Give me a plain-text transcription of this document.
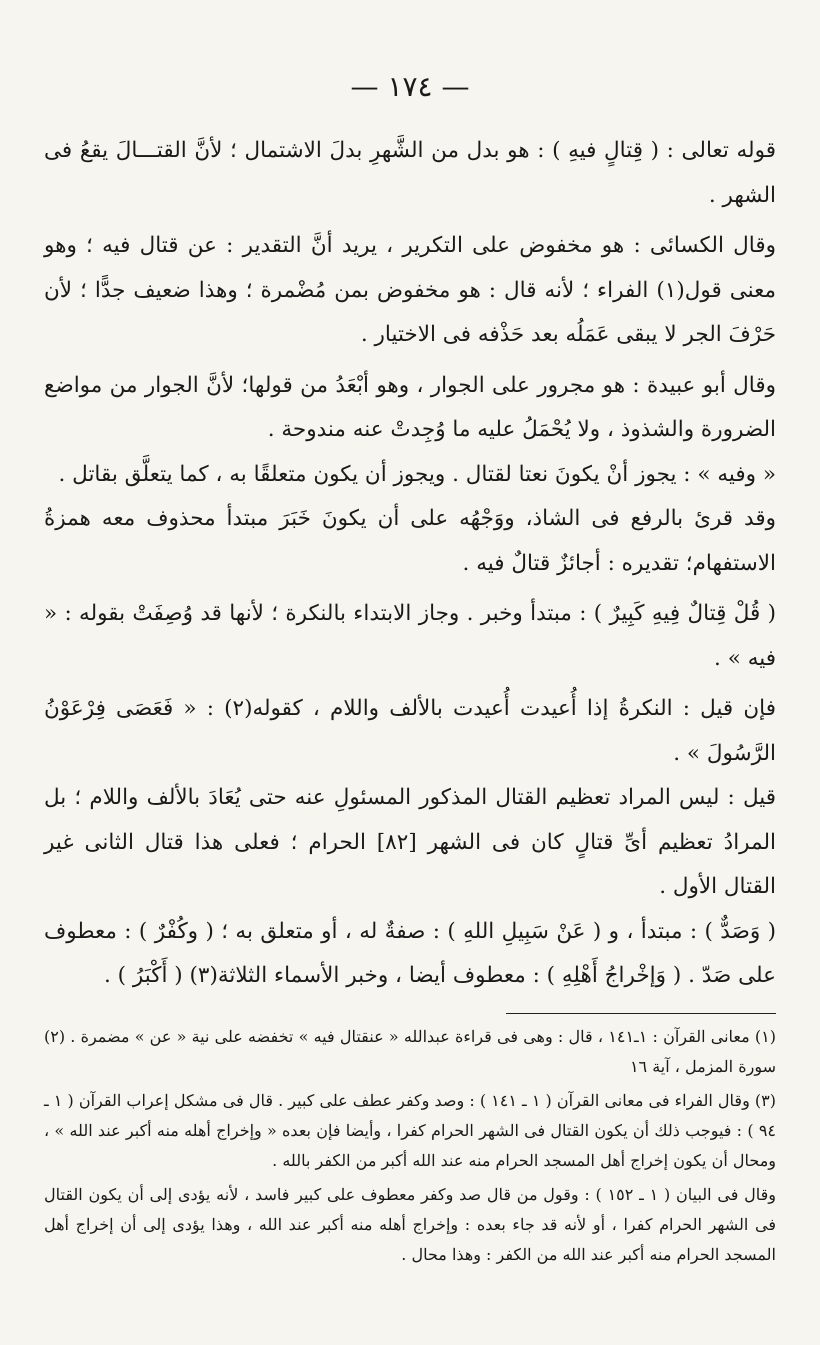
— ١٧٤ —

قوله تعالى : ( قِتالٍ فيهِ ) : هو بدل من الشَّهرِ بدلَ الاشتمال ؛ لأنَّ القتـــالَ يقعُ فى الشهر .

وقال الكسائى : هو مخفوض على التكرير ، يريد أنَّ التقدير : عن قتال فيه ؛ وهو معنى قول(١) الفراء ؛ لأنه قال : هو مخفوض بمن مُضْمرة ؛ وهذا ضعيف جدًّا ؛ لأن حَرْفَ الجر لا يبقى عَمَلُه بعد حَذْفه فى الاختيار .

وقال أبو عبيدة : هو مجرور على الجوار ، وهو أبْعَدُ من قولها؛ لأنَّ الجوار من مواضع الضرورة والشذوذ ، ولا يُحْمَلُ عليه ما وُجِدتْ عنه مندوحة .

« وفيه » : يجوز أنْ يكونَ نعتا لقتال . ويجوز أن يكون متعلقًا به ، كما يتعلَّق بقاتل .

وقد قرئ بالرفع فى الشاذ، ووَجْهُه على أن يكونَ خَبَرَ مبتدأ محذوف معه همزةُ الاستفهام؛ تقديره : أجائزٌ قتالٌ فيه .

( قُلْ قِتالٌ فِيهِ كَبِيرٌ ) : مبتدأ وخبر . وجاز الابتداء بالنكرة ؛ لأنها قد وُصِفَتْ بقوله : « فيه » .

فإن قيل : النكرةُ إذا أُعيدت أُعيدت بالألف واللام ، كقوله(٢) : « فَعَصَى فِرْعَوْنُ الرَّسُولَ » .

قيل : ليس المراد تعظيم القتال المذكور المسئولِ عنه حتى يُعَادَ بالألف واللام ؛ بل المرادُ تعظيم أىِّ قتالٍ كان فى الشهر [٨٢] الحرام ؛ فعلى هذا قتال الثانى غير القتال الأول .

( وَصَدٌّ ) : مبتدأ ، و ( عَنْ سَبِيلِ اللهِ ) : صفةٌ له ، أو متعلق به ؛ ( وكُفْرٌ ) : معطوف على صَدّ . ( وَإخْراجُ أَهْلِهِ ) : معطوف أيضا ، وخبر الأسماء الثلاثة(٣) ( أَكْبَرُ ) .

(١) معانى القرآن : ١ـ١٤١ ، قال : وهى فى قراءة عبدالله « عنقتال فيه » تخفضه على نية « عن » مضمرة . (٢) سورة المزمل ، آية ١٦

(٣) وقال الفراء فى معانى القرآن ( ١ ـ ١٤١ ) : وصد وكفر عطف على كبير . قال فى مشكل إعراب القرآن ( ١ ـ ٩٤ ) : فيوجب ذلك أن يكون القتال فى الشهر الحرام كفرا ، وأيضا فإن بعده « وإخراج أهله منه أكبر عند الله » ، ومحال أن يكون إخراج أهل المسجد الحرام منه عند الله أكبر من الكفر بالله .

وقال فى البيان ( ١ ـ ١٥٢ ) : وقول من قال صد وكفر معطوف على كبير فاسد ، لأنه يؤدى إلى أن يكون القتال فى الشهر الحرام كفرا ، أو لأنه قد جاء بعده : وإخراج أهله منه أكبر عند الله ، وهذا يؤدى إلى أن إخراج أهل المسجد الحرام منه أكبر عند الله من الكفر : وهذا محال .
